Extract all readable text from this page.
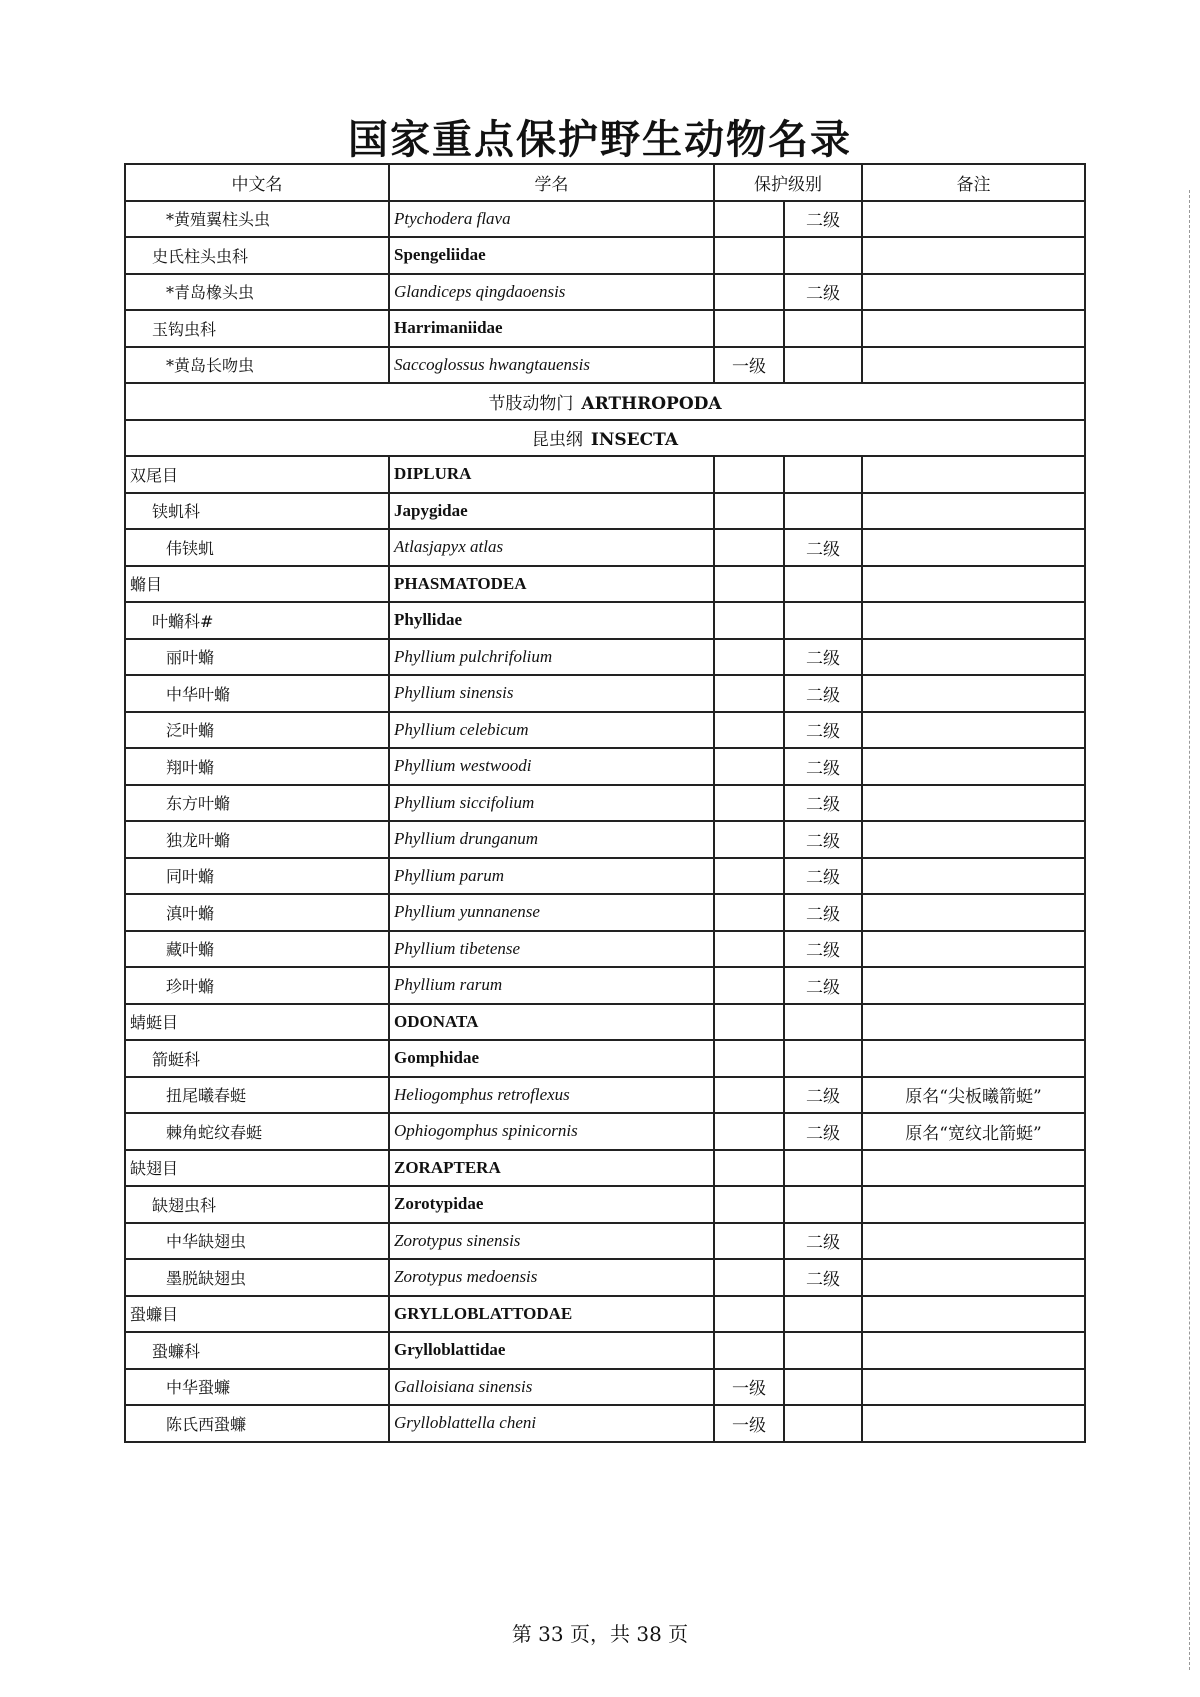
国家重点保护野生动物名录
中文名	学名	保护级别		备注
*黄殖翼柱头虫	Ptychodera flava		二级	
史氏柱头虫科	Spengeliidae			
*青岛橡头虫	Glandiceps qingdaoensis		二级	
玉钩虫科	Harrimaniidae			
*黄岛长吻虫	Saccoglossus hwangtauensis	一级		
节肢动物门 ARTHROPODA				
昆虫纲 INSECTA				
双尾目	DIPLURA			
铗虮科	Japygidae			
伟铗虮	Atlasjapyx atlas		二级	
䗛目	PHASMATODEA			
叶䗛科#	Phyllidae			
丽叶䗛	Phyllium pulchrifolium		二级	
中华叶䗛	Phyllium sinensis		二级	
泛叶䗛	Phyllium celebicum		二级	
翔叶䗛	Phyllium westwoodi		二级	
东方叶䗛	Phyllium siccifolium		二级	
独龙叶䗛	Phyllium drunganum		二级	
同叶䗛	Phyllium parum		二级	
滇叶䗛	Phyllium yunnanense		二级	
藏叶䗛	Phyllium tibetense		二级	
珍叶䗛	Phyllium rarum		二级	
蜻蜓目	ODONATA			
箭蜓科	Gomphidae			
扭尾曦春蜓	Heliogomphus retroflexus		二级	原名“尖板曦箭蜓”
棘角蛇纹春蜓	Ophiogomphus spinicornis		二级	原名“宽纹北箭蜓”
缺翅目	ZORAPTERA			
缺翅虫科	Zorotypidae			
中华缺翅虫	Zorotypus sinensis		二级	
墨脱缺翅虫	Zorotypus medoensis		二级	
蛩蠊目	GRYLLOBLATTODAE			
蛩蠊科	Grylloblattidae			
中华蛩蠊	Galloisiana sinensis	一级		
陈氏西蛩蠊	Grylloblattella cheni	一级		
第 33 页，共 38 页
